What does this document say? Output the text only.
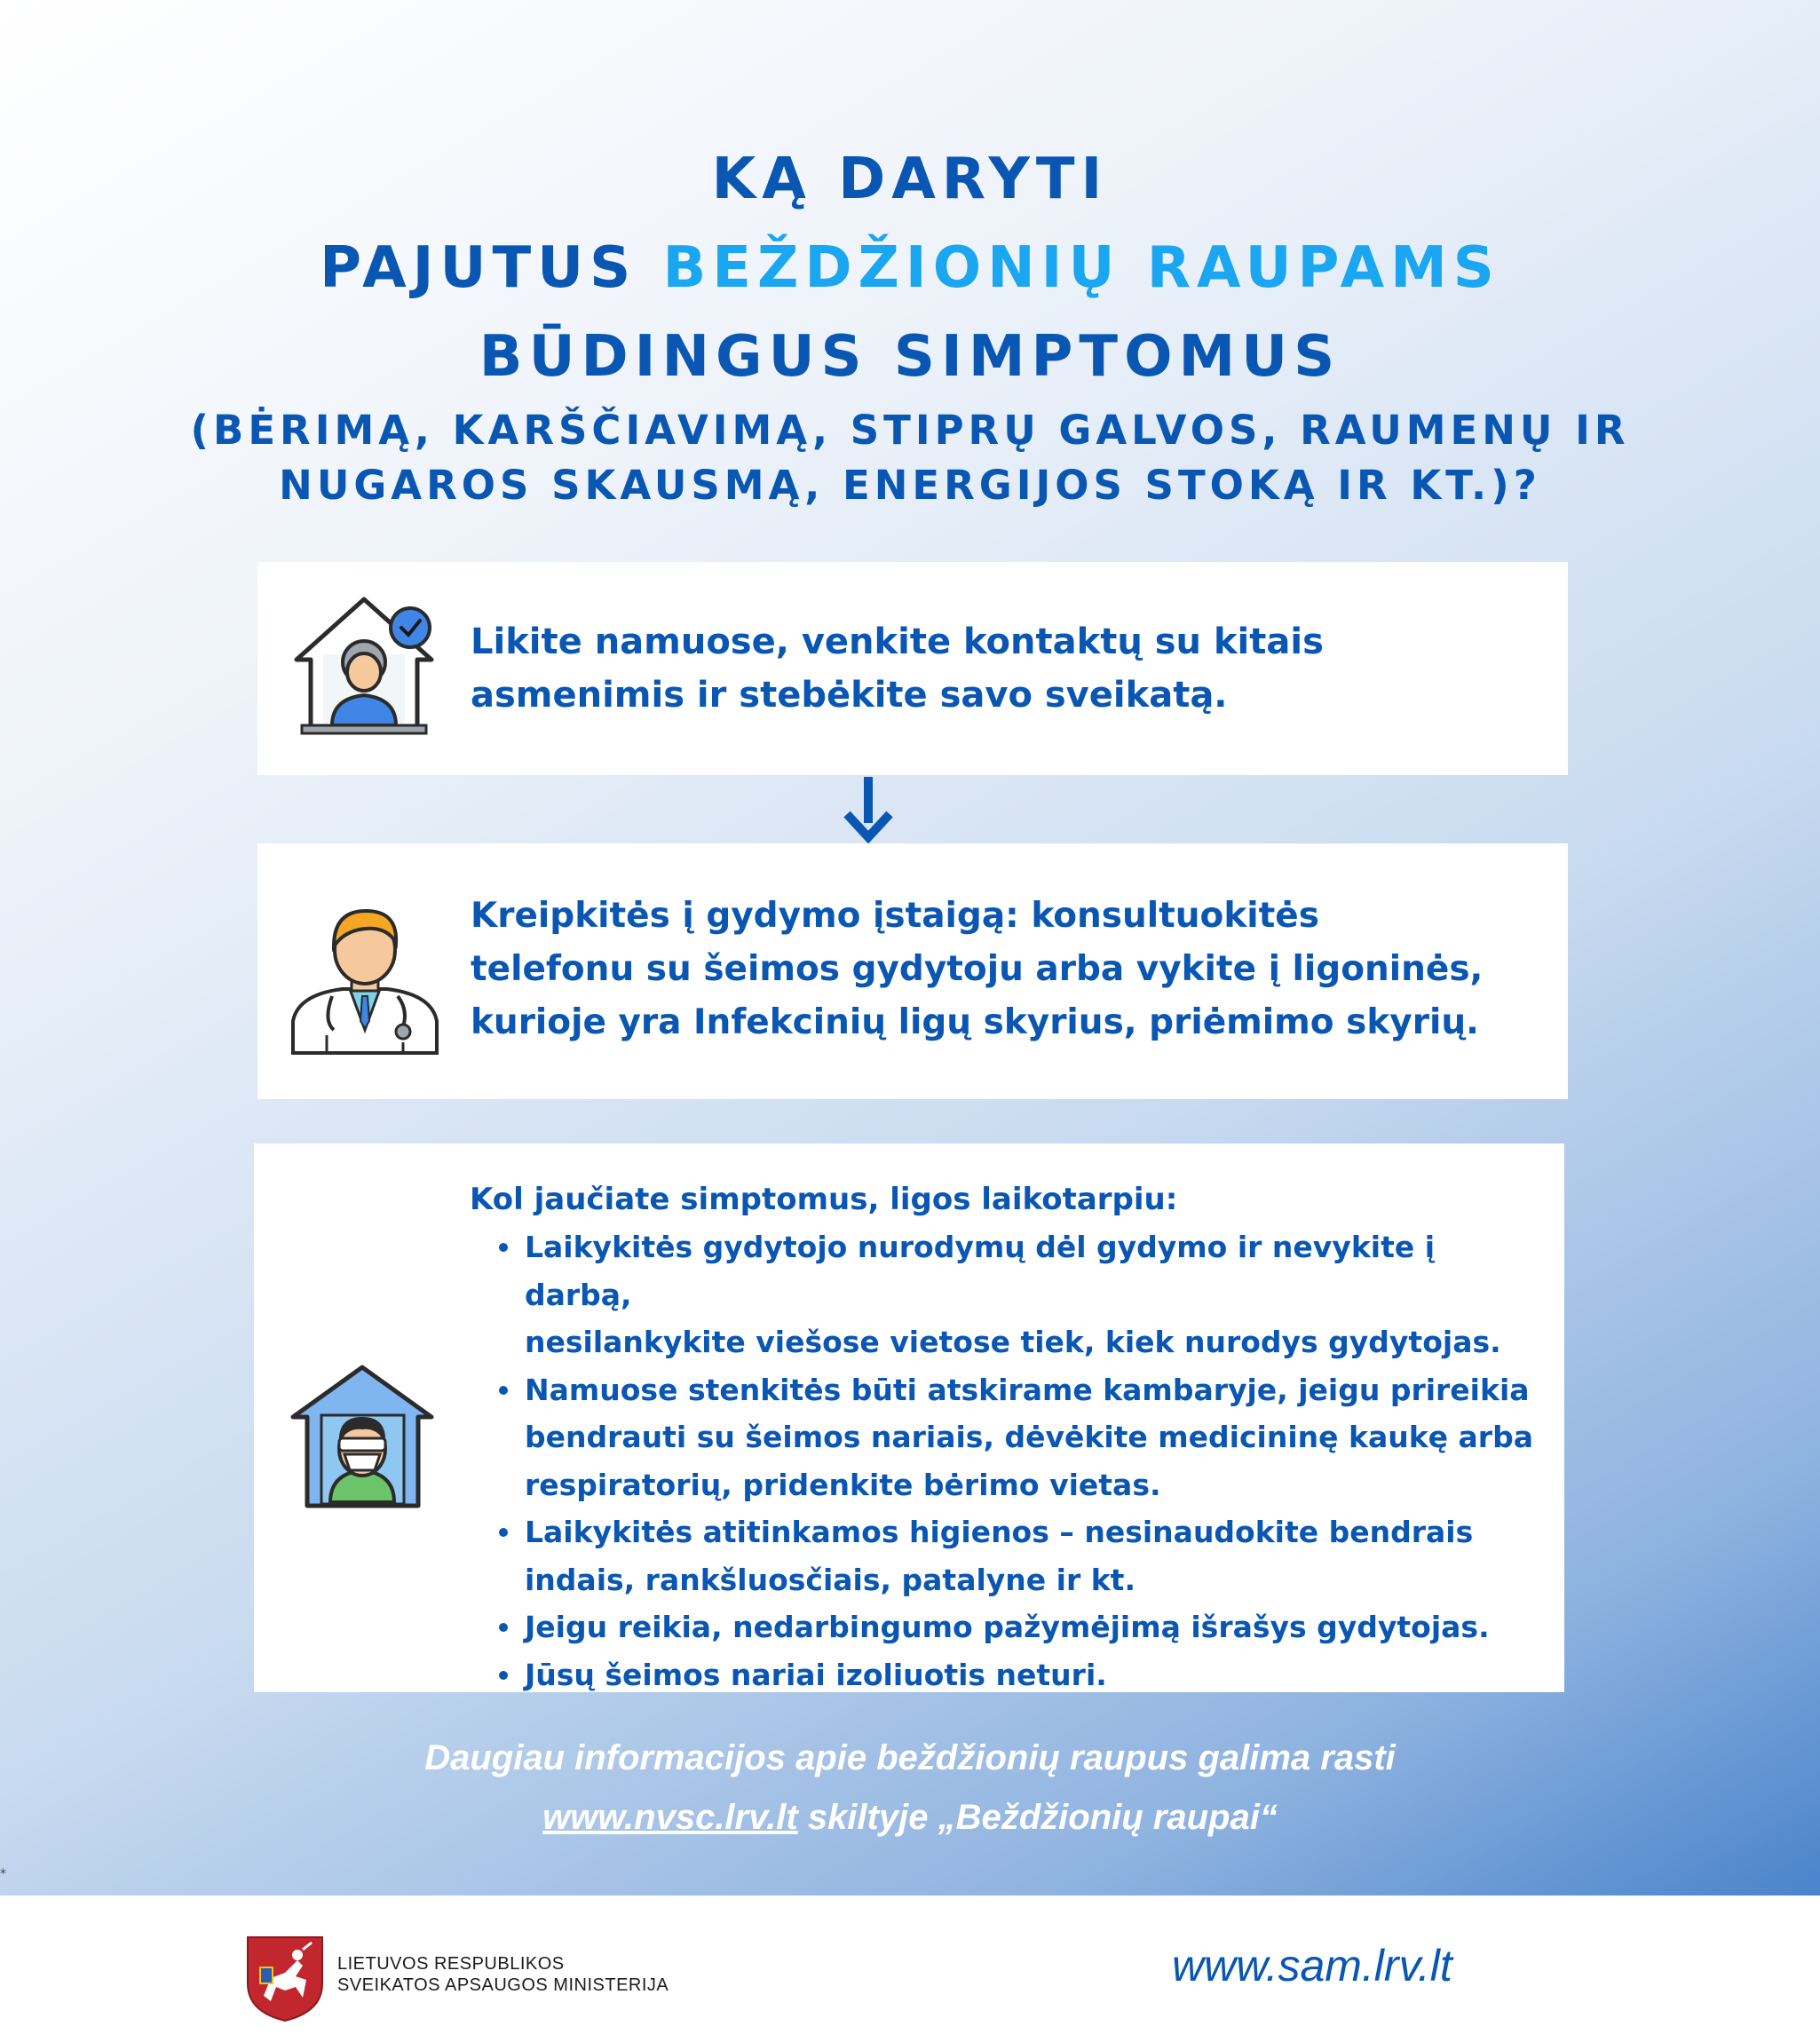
KĄ DARYTI
PAJUTUS BEŽDŽIONIŲ RAUPAMS
BŪDINGUS SIMPTOMUS
(BĖRIMĄ, KARŠČIAVIMĄ, STIPRŲ GALVOS, RAUMENŲ IR
NUGAROS SKAUSMĄ, ENERGIJOS STOKĄ IR KT.)?
Likite namuose, venkite kontaktų su kitais
asmenimis ir stebėkite savo sveikatą.
Kreipkitės į gydymo įstaigą: konsultuokitės
telefonu su šeimos gydytoju arba vykite į ligoninės,
kurioje yra Infekcinių ligų skyrius, priėmimo skyrių.
Kol jaučiate simptomus, ligos laikotarpiu:
Laikykitės gydytojo nurodymų dėl gydymo ir nevykite į darbą,
nesilankykite viešose vietose tiek, kiek nurodys gydytojas.
Namuose stenkitės būti atskirame kambaryje, jeigu prireikia
bendrauti su šeimos nariais, dėvėkite medicininę kaukę arba
respiratorių, pridenkite bėrimo vietas.
Laikykitės atitinkamos higienos – nesinaudokite bendrais
indais, rankšluosčiais, patalyne ir kt.
Jeigu reikia, nedarbingumo pažymėjimą išrašys gydytojas.
Jūsų šeimos nariai izoliuotis neturi.
Daugiau informacijos apie beždžionių raupus galima rasti
www.nvsc.lrv.lt skiltyje „Beždžionių raupai“
*
LIETUVOS RESPUBLIKOS
SVEIKATOS APSAUGOS MINISTERIJA	www.sam.lrv.lt
